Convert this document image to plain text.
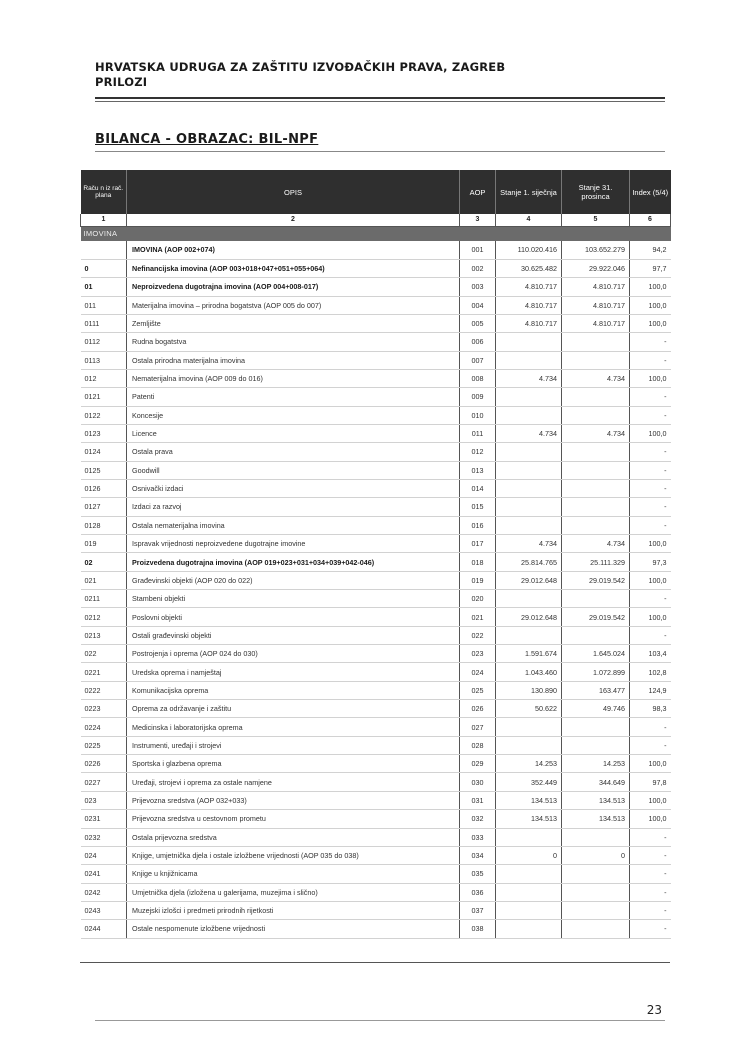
HRVATSKA UDRUGA ZA ZAŠTITU IZVOĐAČKIH PRAVA, ZAGREB
PRILOZI
BILANCA - OBRAZAC: BIL-NPF
Raču n iz rač. plana	OPIS	AOP	Stanje 1. siječnja	Stanje 31. prosinca	Index (5/4)
1	2	3	4	5	6
IMOVINA					
	IMOVINA (AOP 002+074)	001	110.020.416	103.652.279	94,2
0	Nefinancijska imovina (AOP 003+018+047+051+055+064)	002	30.625.482	29.922.046	97,7
01	Neproizvedena dugotrajna imovina (AOP 004+008-017)	003	4.810.717	4.810.717	100,0
011	Materijalna imovina – prirodna bogatstva (AOP 005 do 007)	004	4.810.717	4.810.717	100,0
0111	Zemljište	005	4.810.717	4.810.717	100,0
0112	Rudna bogatstva	006			-
0113	Ostala prirodna materijalna imovina	007			-
012	Nematerijalna imovina (AOP 009 do 016)	008	4.734	4.734	100,0
0121	Patenti	009			-
0122	Koncesije	010			-
0123	Licence	011	4.734	4.734	100,0
0124	Ostala prava	012			-
0125	Goodwill	013			-
0126	Osnivački izdaci	014			-
0127	Izdaci za razvoj	015			-
0128	Ostala nematerijalna imovina	016			-
019	Ispravak vrijednosti neproizvedene dugotrajne imovine	017	4.734	4.734	100,0
02	Proizvedena dugotrajna imovina (AOP 019+023+031+034+039+042-046)	018	25.814.765	25.111.329	97,3
021	Građevinski objekti (AOP 020 do 022)	019	29.012.648	29.019.542	100,0
0211	Stambeni objekti	020			-
0212	Poslovni objekti	021	29.012.648	29.019.542	100,0
0213	Ostali građevinski objekti	022			-
022	Postrojenja i oprema (AOP 024 do 030)	023	1.591.674	1.645.024	103,4
0221	Uredska oprema i namještaj	024	1.043.460	1.072.899	102,8
0222	Komunikacijska oprema	025	130.890	163.477	124,9
0223	Oprema za održavanje i zaštitu	026	50.622	49.746	98,3
0224	Medicinska i laboratorijska oprema	027			-
0225	Instrumenti, uređaji i strojevi	028			-
0226	Sportska i glazbena oprema	029	14.253	14.253	100,0
0227	Uređaji, strojevi i oprema za ostale namjene	030	352.449	344.649	97,8
023	Prijevozna sredstva (AOP 032+033)	031	134.513	134.513	100,0
0231	Prijevozna sredstva u cestovnom prometu	032	134.513	134.513	100,0
0232	Ostala prijevozna sredstva	033			-
024	Knjige, umjetnička djela i ostale izložbene vrijednosti (AOP 035 do 038)	034	0	0	-
0241	Knjige u knjižnicama	035			-
0242	Umjetnička djela (izložena u galerijama, muzejima i slično)	036			-
0243	Muzejski izlošci i predmeti prirodnih rijetkosti	037			-
0244	Ostale nespomenute izložbene vrijednosti	038			-
23
